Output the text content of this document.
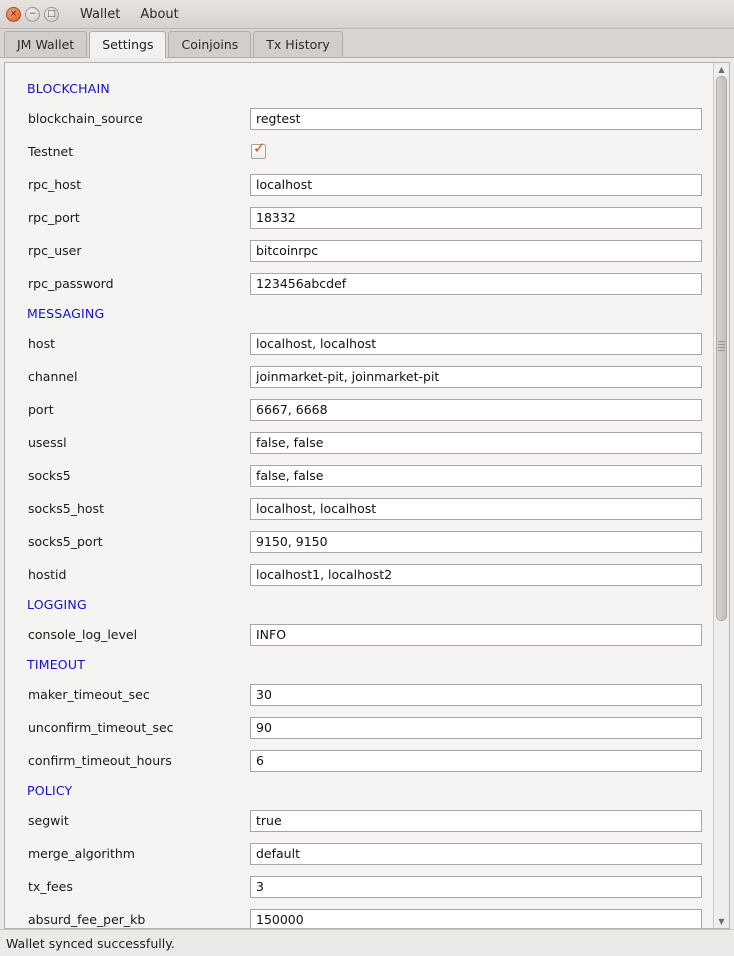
× − □ Wallet About
JM Wallet	Settings	Coinjoins	Tx History
BLOCKCHAIN
blockchain_source	regtest
Testnet	✓
rpc_host	localhost
rpc_port	18332
rpc_user	bitcoinrpc
rpc_password	123456abcdef
MESSAGING
host	localhost, localhost
channel	joinmarket-pit, joinmarket-pit
port	6667, 6668
usessl	false, false
socks5	false, false
socks5_host	localhost, localhost
socks5_port	9150, 9150
hostid	localhost1, localhost2
LOGGING
console_log_level	INFO
TIMEOUT
maker_timeout_sec	30
unconfirm_timeout_sec	90
confirm_timeout_hours	6
POLICY
segwit	true
merge_algorithm	default
tx_fees	3
absurd_fee_per_kb	150000
▲
▼
Wallet synced successfully.
